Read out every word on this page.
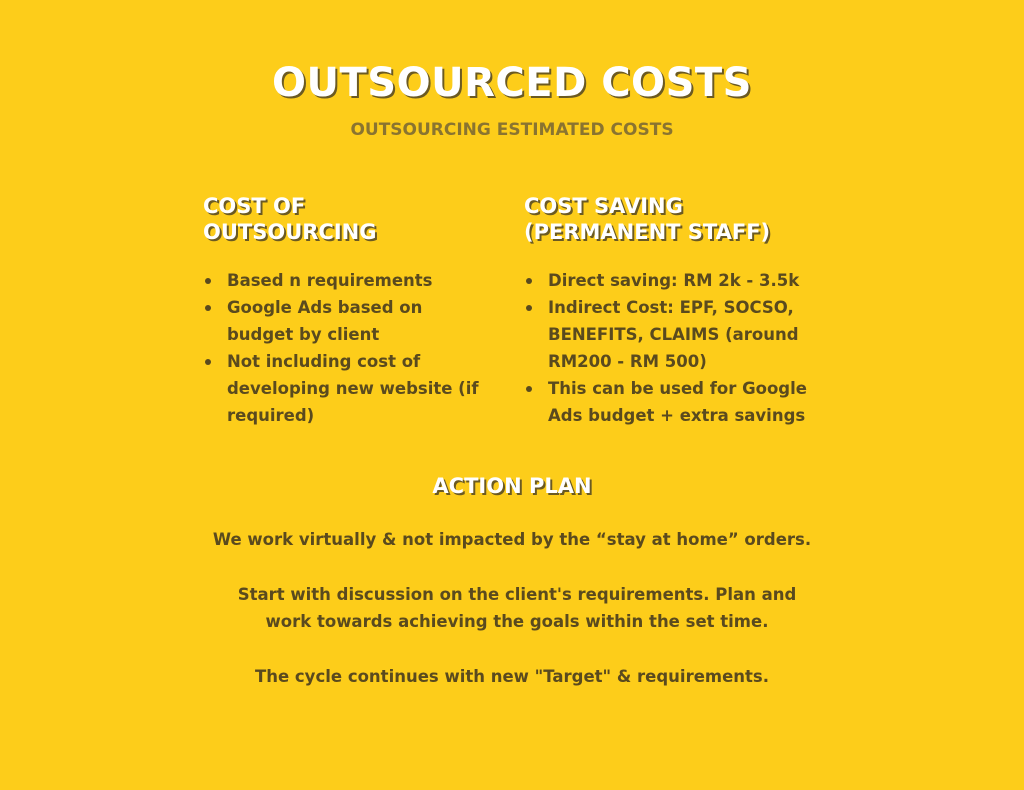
OUTSOURCED COSTS

OUTSOURCING ESTIMATED COSTS

COST OF
OUTSOURCING
Based n requirements
Google Ads based on budget by client
Not including cost of developing new website (if required)
COST SAVING
(PERMANENT STAFF)
Direct saving: RM 2k - 3.5k
Indirect Cost: EPF, SOCSO, BENEFITS, CLAIMS (around RM200 - RM 500)
This can be used for Google Ads budget + extra savings
ACTION PLAN

We work virtually & not impacted by the “stay at home” orders.

Start with discussion on the client's requirements. Plan and work towards achieving the goals within the set time.

The cycle continues with new "Target" & requirements.
